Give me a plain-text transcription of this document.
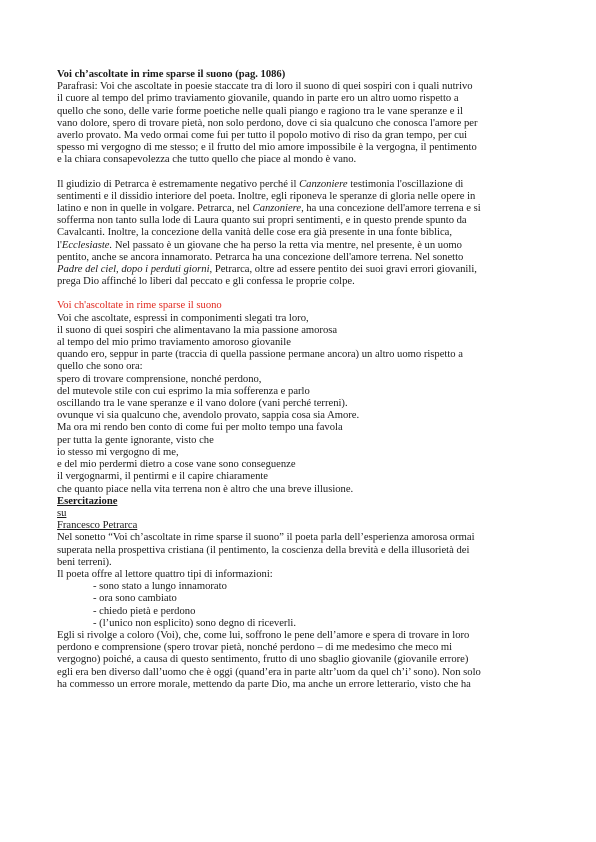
Voi ch’ascoltate in rime sparse il suono (pag. 1086)
Parafrasi: Voi che ascoltate in poesie staccate tra di loro il suono di quei sospiri con i quali nutrivo
il cuore al tempo del primo traviamento giovanile, quando in parte ero un altro uomo rispetto a
quello che sono, delle varie forme poetiche nelle quali piango e ragiono tra le vane speranze e il
vano dolore, spero di trovare pietà, non solo perdono, dove ci sia qualcuno che conosca l'amore per
averlo provato. Ma vedo ormai come fui per tutto il popolo motivo di riso da gran tempo, per cui
spesso mi vergogno di me stesso; e il frutto del mio amore impossibile è la vergogna, il pentimento
e la chiara consapevolezza che tutto quello che piace al mondo è vano.
Il giudizio di Petrarca è estremamente negativo perché il Canzoniere testimonia l'oscillazione di
sentimenti e il dissidio interiore del poeta. Inoltre, egli riponeva le speranze di gloria nelle opere in
latino e non in quelle in volgare. Petrarca, nel Canzoniere, ha una concezione dell'amore terrena e si
sofferma non tanto sulla lode di Laura quanto sui propri sentimenti, e in questo prende spunto da
Cavalcanti. Inoltre, la concezione della vanità delle cose era già presente in una fonte biblica,
l'Ecclesiaste. Nel passato è un giovane che ha perso la retta via mentre, nel presente, è un uomo
pentito, anche se ancora innamorato. Petrarca ha una concezione dell'amore terrena. Nel sonetto
Padre del ciel, dopo i perduti giorni, Petrarca, oltre ad essere pentito dei suoi gravi errori giovanili,
prega Dio affinché lo liberi dal peccato e gli confessa le proprie colpe.
Voi ch'ascoltate in rime sparse il suono
Voi che ascoltate, espressi in componimenti slegati tra loro,
il suono di quei sospiri che alimentavano la mia passione amorosa
al tempo del mio primo traviamento amoroso giovanile
quando ero, seppur in parte (traccia di quella passione permane ancora) un altro uomo rispetto a
quello che sono ora:
spero di trovare comprensione, nonché perdono,
del mutevole stile con cui esprimo la mia sofferenza e parlo
oscillando tra le vane speranze e il vano dolore (vani perché terreni).
ovunque vi sia qualcuno che, avendolo provato, sappia cosa sia Amore.
Ma ora mi rendo ben conto di come fui per molto tempo una favola
per tutta la gente ignorante, visto che
io stesso mi vergogno di me,
e del mio perdermi dietro a cose vane sono conseguenze
il vergognarmi, il pentirmi e il capire chiaramente
che quanto piace nella vita terrena non è altro che una breve illusione.
Esercitazione
su
Francesco Petrarca
Nel sonetto “Voi ch’ascoltate in rime sparse il suono” il poeta parla dell’esperienza amorosa ormai
superata nella prospettiva cristiana (il pentimento, la coscienza della brevità e della illusorietà dei
beni terreni).
Il poeta offre al lettore quattro tipi di informazioni:
- sono stato a lungo innamorato
- ora sono cambiato
- chiedo pietà e perdono
- (l’unico non esplicito) sono degno di riceverli.
Egli si rivolge a coloro (Voi), che, come lui, soffrono le pene dell’amore e spera di trovare in loro
perdono e comprensione (spero trovar pietà, nonché perdono – di me medesimo che meco mi
vergogno) poiché, a causa di questo sentimento, frutto di uno sbaglio giovanile (giovanile errore)
egli era ben diverso dall’uomo che è oggi (quand’era in parte altr’uom da quel ch’i’ sono). Non solo
ha commesso un errore morale, mettendo da parte Dio, ma anche un errore letterario, visto che ha
